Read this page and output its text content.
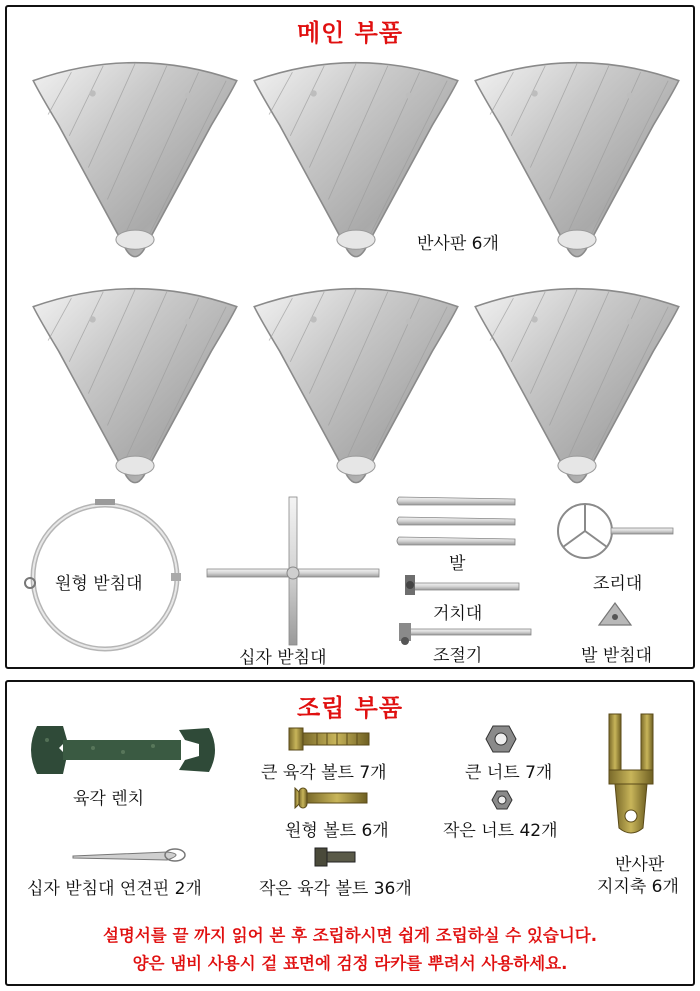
메인 부품
반사판 6개
원형 받침대
십자 받침대
발
거치대
조절기
조리대
발 받침대
조립 부품
육각 렌치
큰 육각 볼트 7개
원형 볼트 6개
작은 육각 볼트 36개
큰 너트 7개
작은 너트 42개
십자 받침대 연견핀 2개
반사판
지지축 6개
설명서를 끝 까지 읽어 본 후 조립하시면 쉽게 조립하실 수 있습니다.
양은 냄비 사용시 겉 표면에 검정 라카를 뿌려서 사용하세요.
